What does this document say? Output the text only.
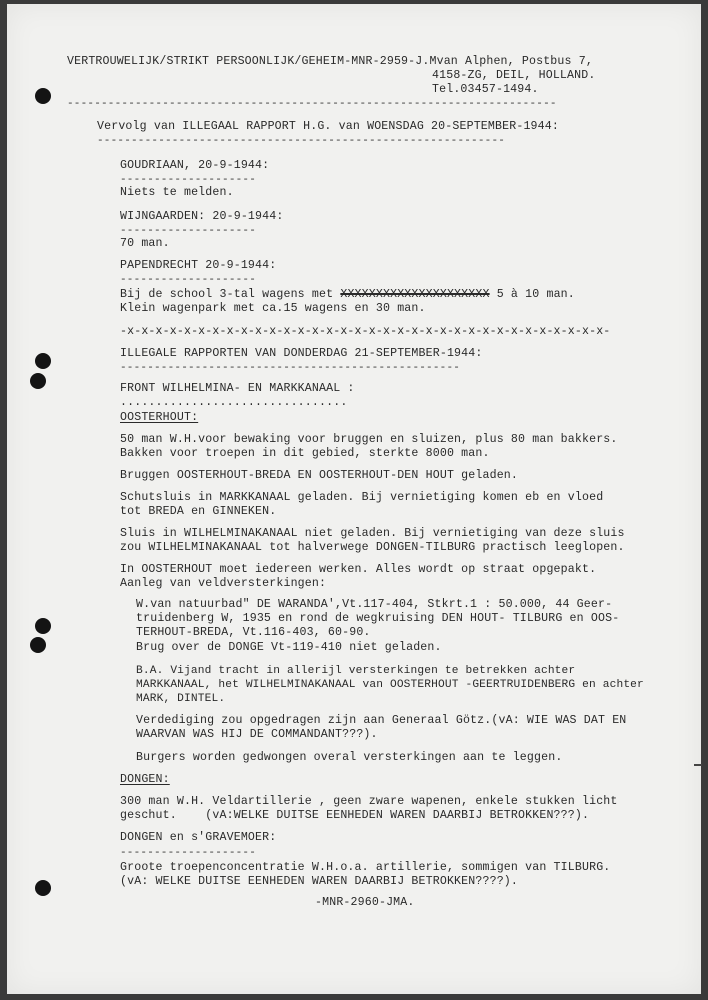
VERTROUWELIJK/STRIKT PERSOONLIJK/GEHEIM-MNR-2959-J.Mvan Alphen, Postbus 7,
4158-ZG, DEIL, HOLLAND.
Tel.03457-1494.
------------------------------------------------------------------------
Vervolg van ILLEGAAL RAPPORT H.G. van WOENSDAG 20-SEPTEMBER-1944:
------------------------------------------------------------
GOUDRIAAN, 20-9-1944:
--------------------
Niets te melden.
WIJNGAARDEN: 20-9-1944:
--------------------
70 man.
PAPENDRECHT 20-9-1944:
--------------------
Bij de school 3-tal wagens met XXXXXXXXXXXXXXXXXXXXX 5 à 10 man.
Klein wagenpark met ca.15 wagens en 30 man.
-x-x-x-x-x-x-x-x-x-x-x-x-x-x-x-x-x-x-x-x-x-x-x-x-x-x-x-x-x-x-x-x-x-x-
ILLEGALE RAPPORTEN VAN DONDERDAG 21-SEPTEMBER-1944:
--------------------------------------------------
FRONT WILHELMINA- EN MARKKANAAL :
................................
OOSTERHOUT:
50 man W.H.voor bewaking voor bruggen en sluizen, plus 80 man bakkers.
Bakken voor troepen in dit gebied, sterkte 8000 man.
Bruggen OOSTERHOUT-BREDA EN OOSTERHOUT-DEN HOUT geladen.
Schutsluis in MARKKANAAL geladen. Bij vernietiging komen eb en vloed
tot BREDA en GINNEKEN.
Sluis in WILHELMINAKANAAL niet geladen. Bij vernietiging van deze sluis
zou WILHELMINAKANAAL tot halverwege DONGEN-TILBURG practisch leeglopen.
In OOSTERHOUT moet iedereen werken. Alles wordt op straat opgepakt.
Aanleg van veldversterkingen:
W.van natuurbad" DE WARANDA',Vt.117-404, Stkrt.1 : 50.000, 44 Geer-
truidenberg W, 1935 en rond de wegkruising DEN HOUT- TILBURG en OOS-
TERHOUT-BREDA, Vt.116-403, 60-90.
Brug over de DONGE Vt-119-410 niet geladen.
B.A. Vijand tracht in allerijl versterkingen te betrekken achter
MARKKANAAL, het WILHELMINAKANAAL van OOSTERHOUT -GEERTRUIDENBERG en achter
MARK, DINTEL.
Verdediging zou opgedragen zijn aan Generaal Götz.(vA: WIE WAS DAT EN
WAARVAN WAS HIJ DE COMMANDANT???).
Burgers worden gedwongen overal versterkingen aan te leggen.
DONGEN:
300 man W.H. Veldartillerie , geen zware wapenen, enkele stukken licht
geschut.    (vA:WELKE DUITSE EENHEDEN WAREN DAARBIJ BETROKKEN???).
DONGEN en s'GRAVEMOER:
--------------------
Groote troepenconcentratie W.H.o.a. artillerie, sommigen van TILBURG.
(vA: WELKE DUITSE EENHEDEN WAREN DAARBIJ BETROKKEN????).
-MNR-2960-JMA.
